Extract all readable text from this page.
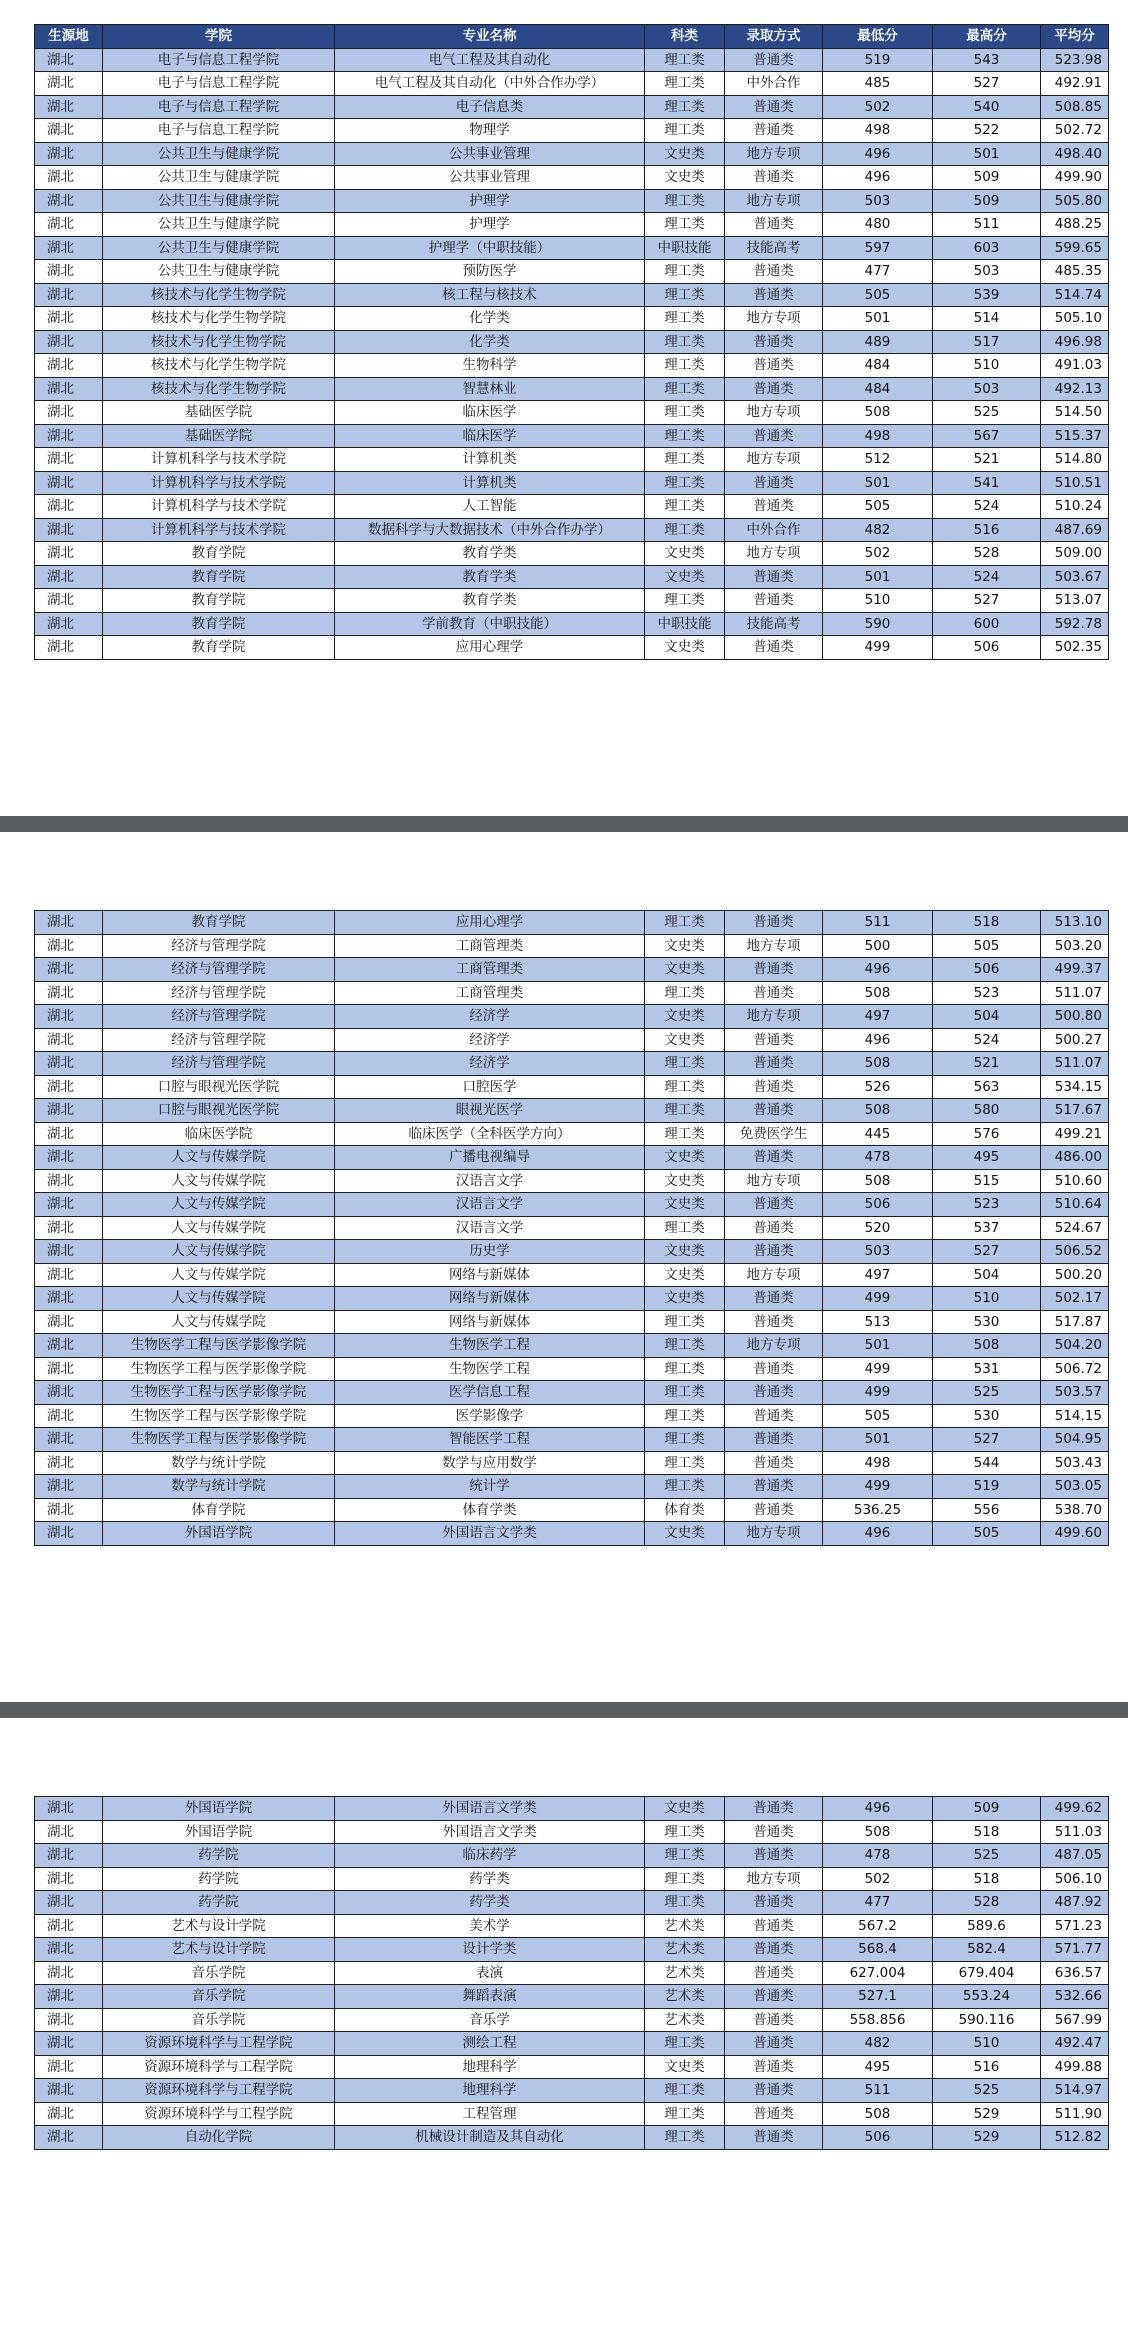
生源地	学院	专业名称	科类	录取方式	最低分	最高分	平均分
湖北	电子与信息工程学院	电气工程及其自动化	理工类	普通类	519	543	523.98
湖北	电子与信息工程学院	电气工程及其自动化（中外合作办学）	理工类	中外合作	485	527	492.91
湖北	电子与信息工程学院	电子信息类	理工类	普通类	502	540	508.85
湖北	电子与信息工程学院	物理学	理工类	普通类	498	522	502.72
湖北	公共卫生与健康学院	公共事业管理	文史类	地方专项	496	501	498.40
湖北	公共卫生与健康学院	公共事业管理	文史类	普通类	496	509	499.90
湖北	公共卫生与健康学院	护理学	理工类	地方专项	503	509	505.80
湖北	公共卫生与健康学院	护理学	理工类	普通类	480	511	488.25
湖北	公共卫生与健康学院	护理学（中职技能）	中职技能	技能高考	597	603	599.65
湖北	公共卫生与健康学院	预防医学	理工类	普通类	477	503	485.35
湖北	核技术与化学生物学院	核工程与核技术	理工类	普通类	505	539	514.74
湖北	核技术与化学生物学院	化学类	理工类	地方专项	501	514	505.10
湖北	核技术与化学生物学院	化学类	理工类	普通类	489	517	496.98
湖北	核技术与化学生物学院	生物科学	理工类	普通类	484	510	491.03
湖北	核技术与化学生物学院	智慧林业	理工类	普通类	484	503	492.13
湖北	基础医学院	临床医学	理工类	地方专项	508	525	514.50
湖北	基础医学院	临床医学	理工类	普通类	498	567	515.37
湖北	计算机科学与技术学院	计算机类	理工类	地方专项	512	521	514.80
湖北	计算机科学与技术学院	计算机类	理工类	普通类	501	541	510.51
湖北	计算机科学与技术学院	人工智能	理工类	普通类	505	524	510.24
湖北	计算机科学与技术学院	数据科学与大数据技术（中外合作办学）	理工类	中外合作	482	516	487.69
湖北	教育学院	教育学类	文史类	地方专项	502	528	509.00
湖北	教育学院	教育学类	文史类	普通类	501	524	503.67
湖北	教育学院	教育学类	理工类	普通类	510	527	513.07
湖北	教育学院	学前教育（中职技能）	中职技能	技能高考	590	600	592.78
湖北	教育学院	应用心理学	文史类	普通类	499	506	502.35
湖北	教育学院	应用心理学	理工类	普通类	511	518	513.10
湖北	经济与管理学院	工商管理类	文史类	地方专项	500	505	503.20
湖北	经济与管理学院	工商管理类	文史类	普通类	496	506	499.37
湖北	经济与管理学院	工商管理类	理工类	普通类	508	523	511.07
湖北	经济与管理学院	经济学	文史类	地方专项	497	504	500.80
湖北	经济与管理学院	经济学	文史类	普通类	496	524	500.27
湖北	经济与管理学院	经济学	理工类	普通类	508	521	511.07
湖北	口腔与眼视光医学院	口腔医学	理工类	普通类	526	563	534.15
湖北	口腔与眼视光医学院	眼视光医学	理工类	普通类	508	580	517.67
湖北	临床医学院	临床医学（全科医学方向）	理工类	免费医学生	445	576	499.21
湖北	人文与传媒学院	广播电视编导	文史类	普通类	478	495	486.00
湖北	人文与传媒学院	汉语言文学	文史类	地方专项	508	515	510.60
湖北	人文与传媒学院	汉语言文学	文史类	普通类	506	523	510.64
湖北	人文与传媒学院	汉语言文学	理工类	普通类	520	537	524.67
湖北	人文与传媒学院	历史学	文史类	普通类	503	527	506.52
湖北	人文与传媒学院	网络与新媒体	文史类	地方专项	497	504	500.20
湖北	人文与传媒学院	网络与新媒体	文史类	普通类	499	510	502.17
湖北	人文与传媒学院	网络与新媒体	理工类	普通类	513	530	517.87
湖北	生物医学工程与医学影像学院	生物医学工程	理工类	地方专项	501	508	504.20
湖北	生物医学工程与医学影像学院	生物医学工程	理工类	普通类	499	531	506.72
湖北	生物医学工程与医学影像学院	医学信息工程	理工类	普通类	499	525	503.57
湖北	生物医学工程与医学影像学院	医学影像学	理工类	普通类	505	530	514.15
湖北	生物医学工程与医学影像学院	智能医学工程	理工类	普通类	501	527	504.95
湖北	数学与统计学院	数学与应用数学	理工类	普通类	498	544	503.43
湖北	数学与统计学院	统计学	理工类	普通类	499	519	503.05
湖北	体育学院	体育学类	体育类	普通类	536.25	556	538.70
湖北	外国语学院	外国语言文学类	文史类	地方专项	496	505	499.60
湖北	外国语学院	外国语言文学类	文史类	普通类	496	509	499.62
湖北	外国语学院	外国语言文学类	理工类	普通类	508	518	511.03
湖北	药学院	临床药学	理工类	普通类	478	525	487.05
湖北	药学院	药学类	理工类	地方专项	502	518	506.10
湖北	药学院	药学类	理工类	普通类	477	528	487.92
湖北	艺术与设计学院	美术学	艺术类	普通类	567.2	589.6	571.23
湖北	艺术与设计学院	设计学类	艺术类	普通类	568.4	582.4	571.77
湖北	音乐学院	表演	艺术类	普通类	627.004	679.404	636.57
湖北	音乐学院	舞蹈表演	艺术类	普通类	527.1	553.24	532.66
湖北	音乐学院	音乐学	艺术类	普通类	558.856	590.116	567.99
湖北	资源环境科学与工程学院	测绘工程	理工类	普通类	482	510	492.47
湖北	资源环境科学与工程学院	地理科学	文史类	普通类	495	516	499.88
湖北	资源环境科学与工程学院	地理科学	理工类	普通类	511	525	514.97
湖北	资源环境科学与工程学院	工程管理	理工类	普通类	508	529	511.90
湖北	自动化学院	机械设计制造及其自动化	理工类	普通类	506	529	512.82
